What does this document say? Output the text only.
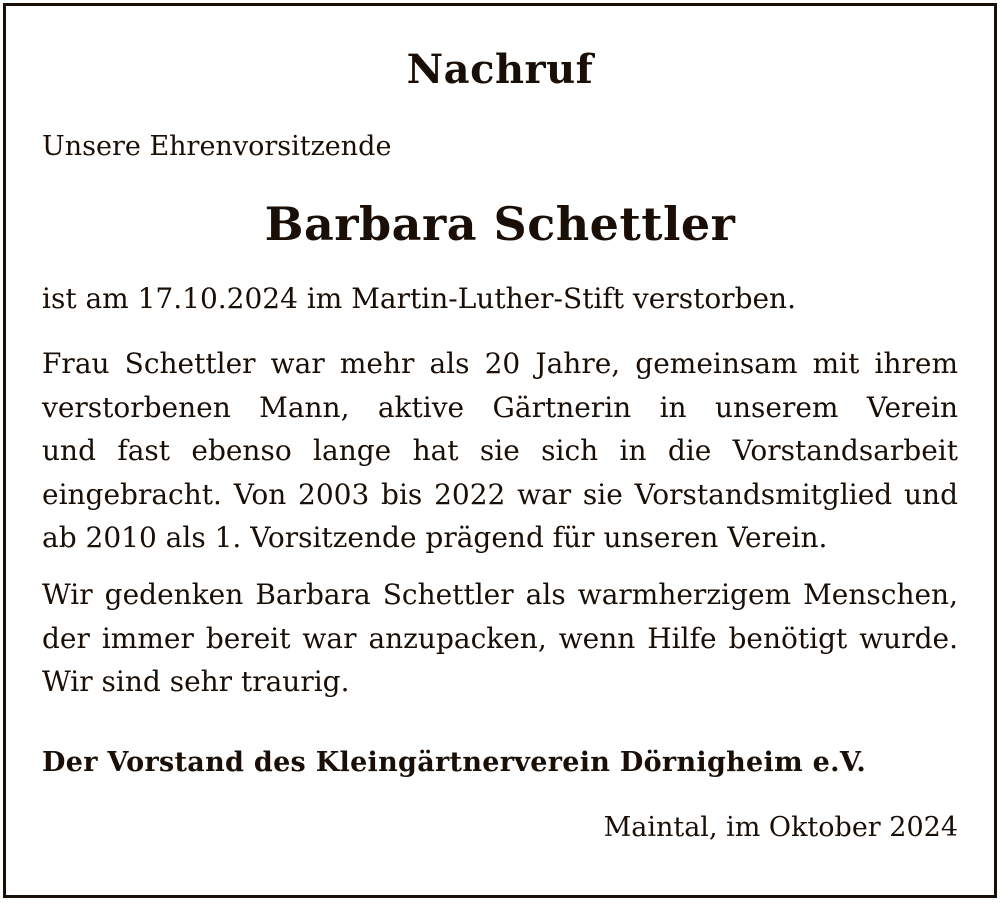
Nachruf
Unsere Ehrenvorsitzende
Barbara Schettler
ist am 17.10.2024 im Martin-Luther-Stift verstorben.
Frau Schettler war mehr als 20 Jahre, gemeinsam mit ihrem
verstorbenen Mann, aktive Gärtnerin in unserem Verein
und fast ebenso lange hat sie sich in die Vorstandsarbeit
eingebracht. Von 2003 bis 2022 war sie Vorstandsmitglied und
ab 2010 als 1. Vorsitzende prägend für unseren Verein.
Wir gedenken Barbara Schettler als warmherzigem Menschen,
der immer bereit war anzupacken, wenn Hilfe benötigt wurde.
Wir sind sehr traurig.
Der Vorstand des Kleingärtnerverein Dörnigheim e.V.
Maintal, im Oktober 2024
